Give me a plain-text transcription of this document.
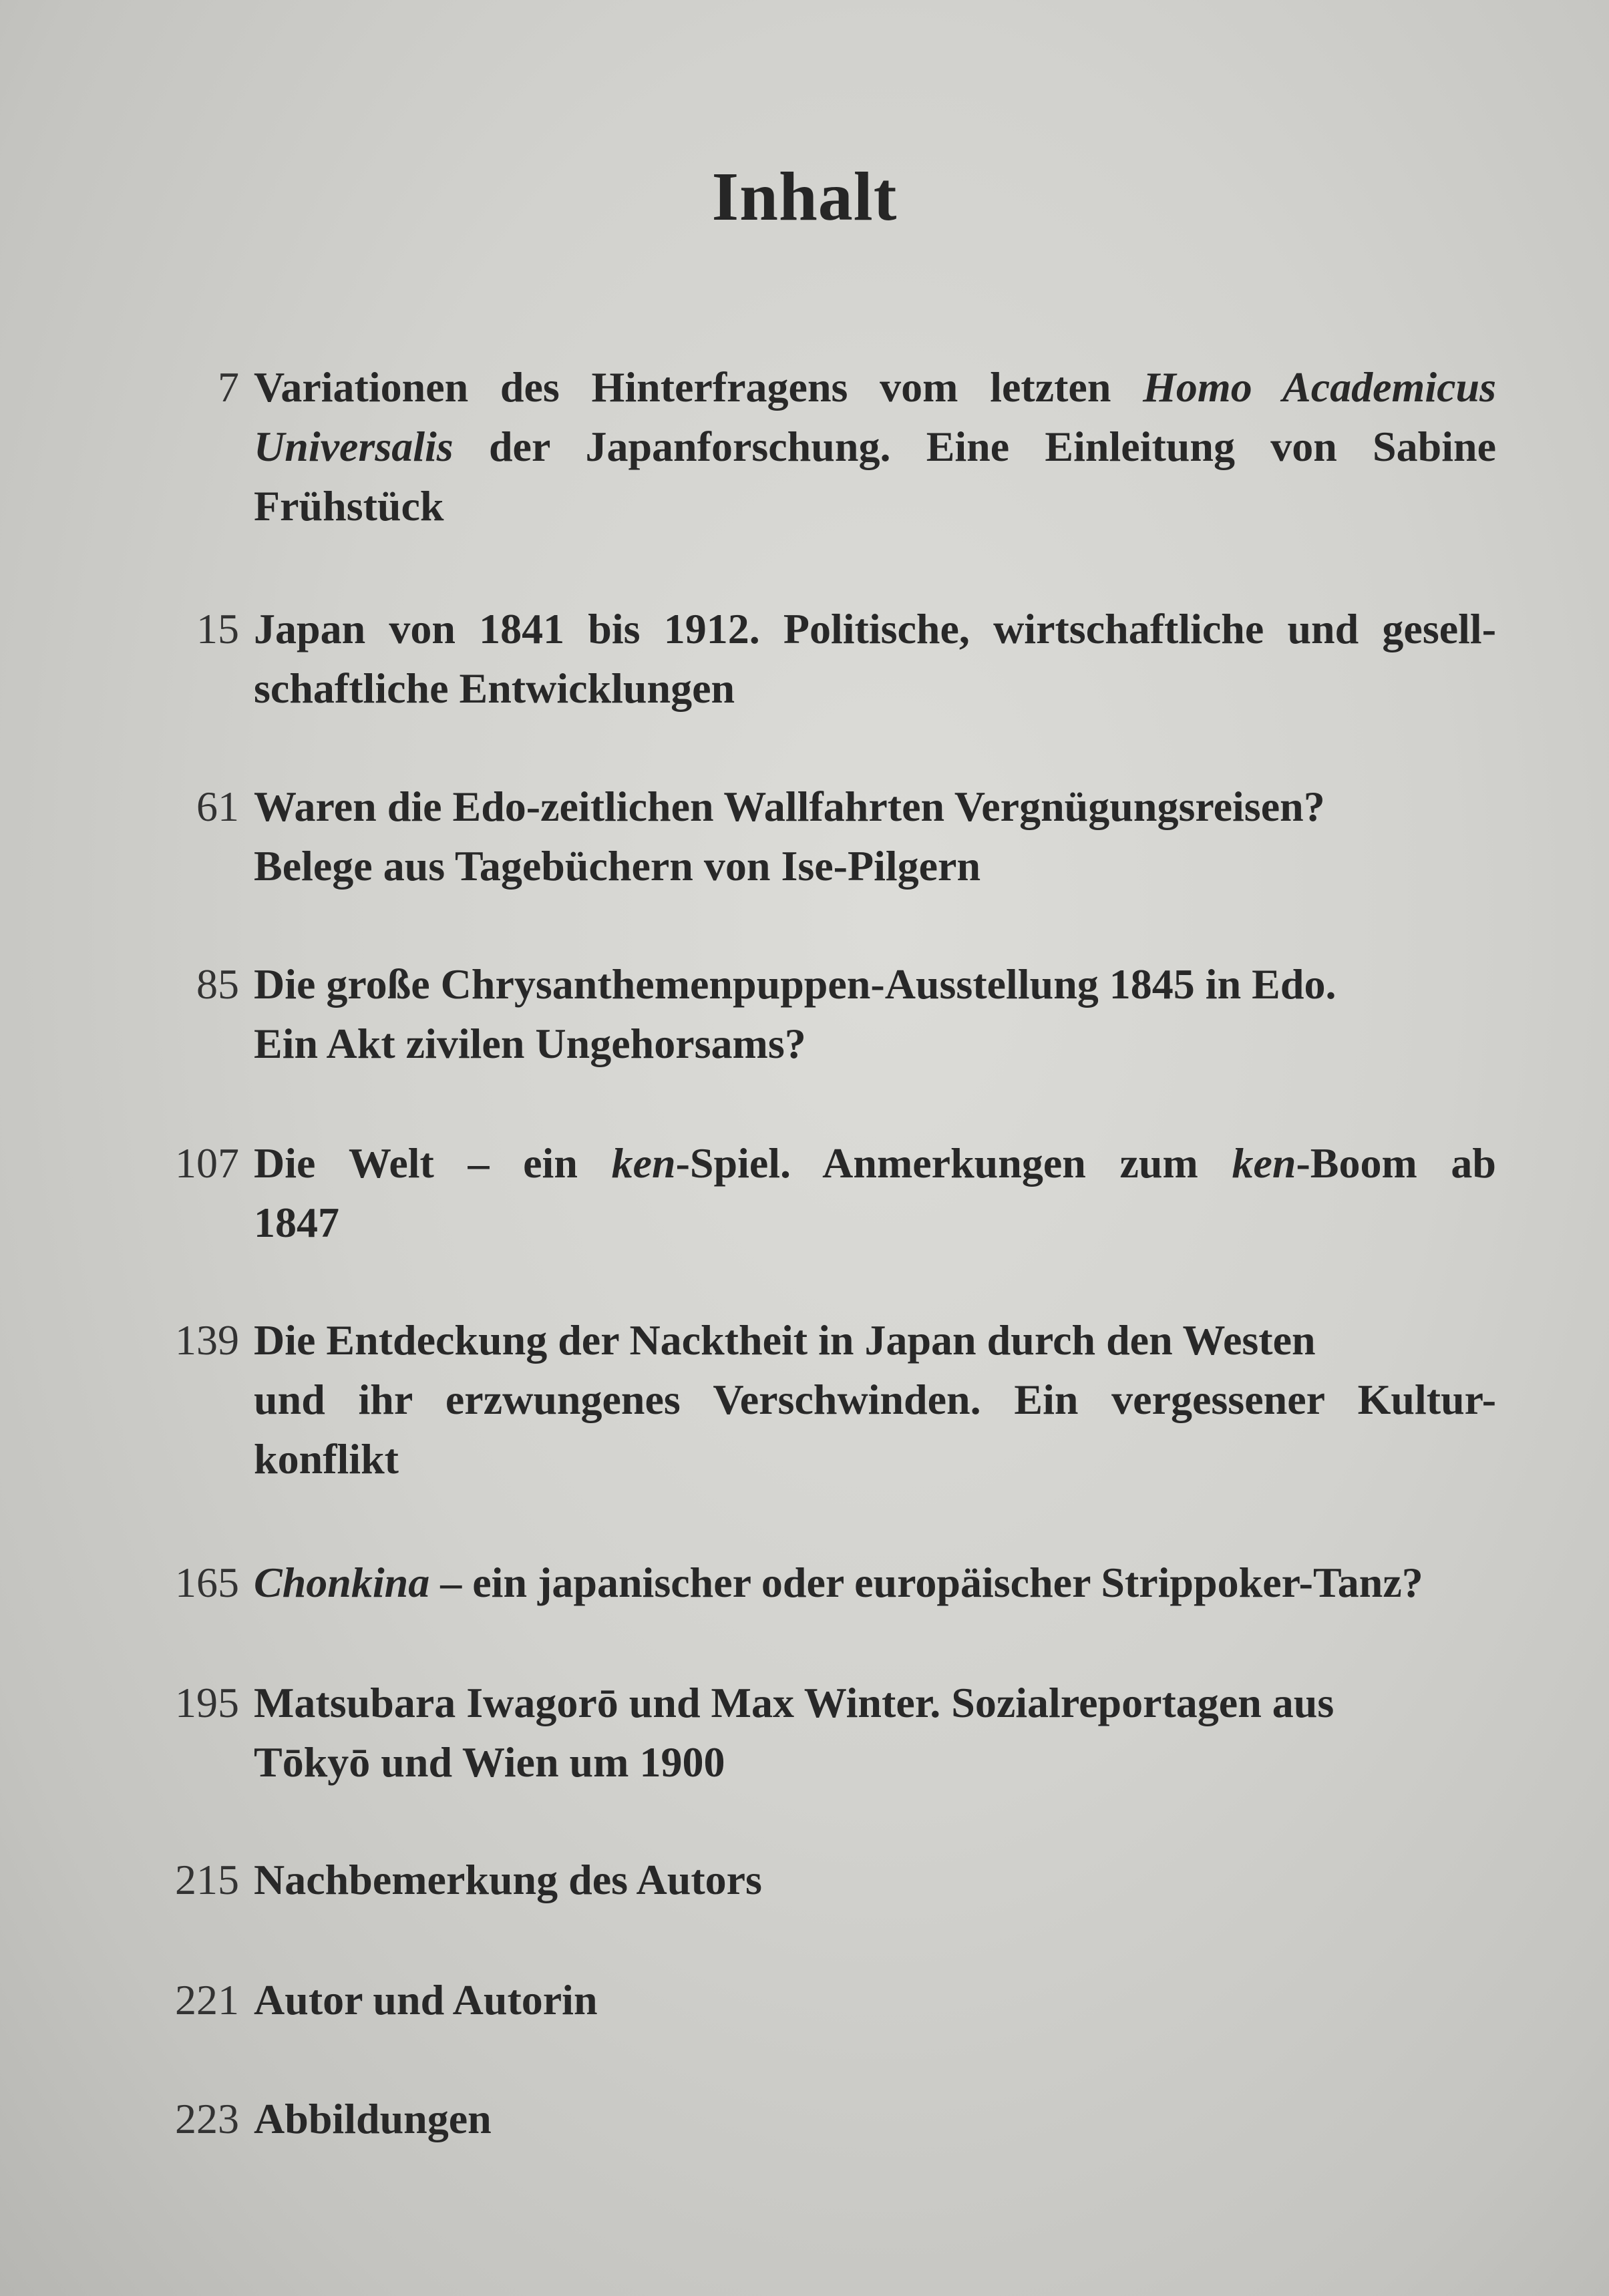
Inhalt
7 Variationen des Hinterfragens vom letzten Homo Academicus
Universalis der Japanforschung. Eine Einleitung von Sabine
Frühstück
15 Japan von 1841 bis 1912. Politische, wirtschaftliche und gesell-
schaftliche Entwicklungen
61 Waren die Edo-zeitlichen Wallfahrten Vergnügungsreisen?
Belege aus Tagebüchern von Ise-Pilgern
85 Die große Chrysanthemenpuppen-Ausstellung 1845 in Edo.
Ein Akt zivilen Ungehorsams?
107 Die Welt – ein ken-Spiel. Anmerkungen zum ken-Boom ab
1847
139 Die Entdeckung der Nacktheit in Japan durch den Westen
und ihr erzwungenes Verschwinden. Ein vergessener Kultur-
konflikt
165 Chonkina – ein japanischer oder europäischer Strippoker-Tanz?
195 Matsubara Iwagorō und Max Winter. Sozialreportagen aus
Tōkyō und Wien um 1900
215 Nachbemerkung des Autors
221 Autor und Autorin
223 Abbildungen
